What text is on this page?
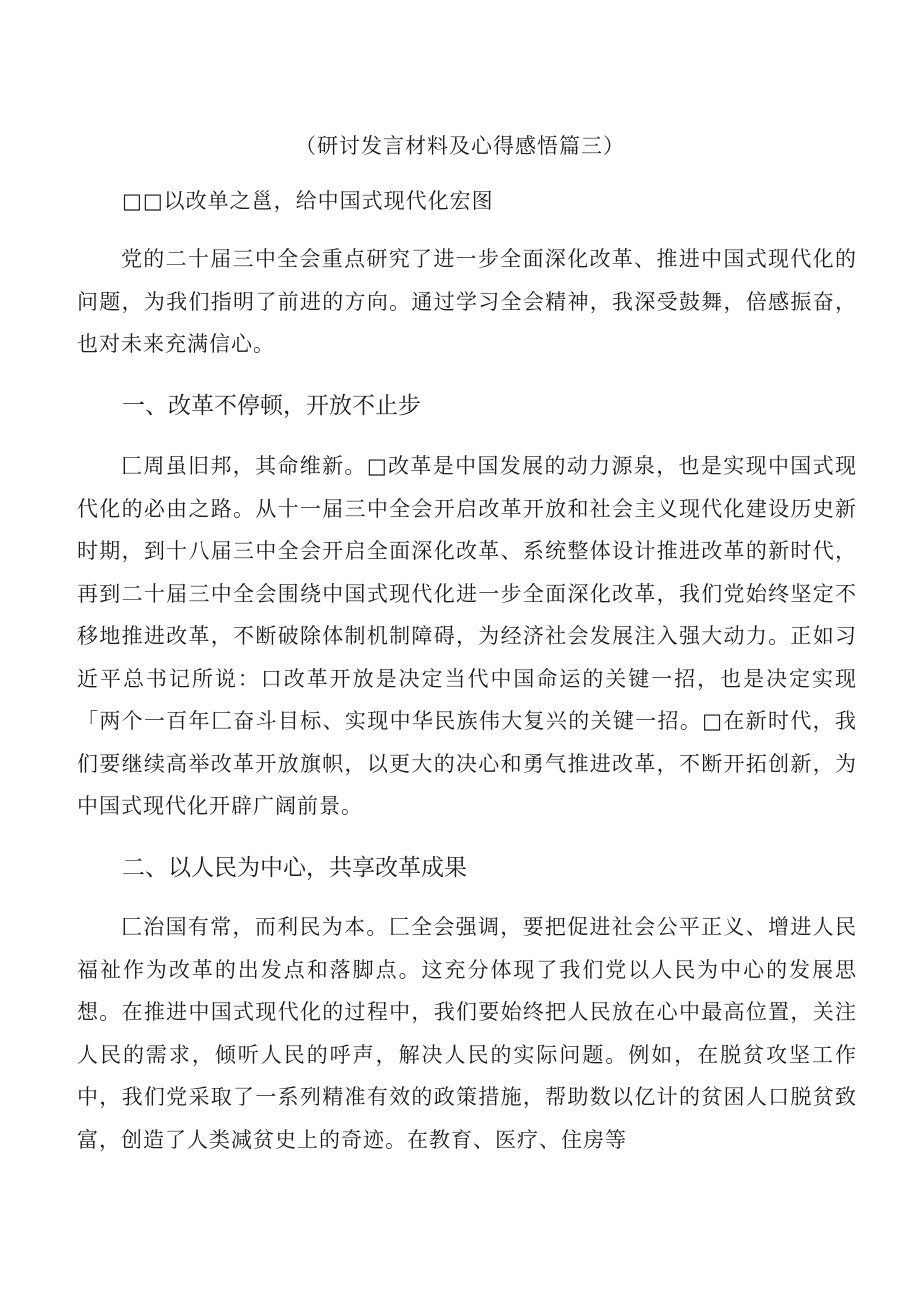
（研讨发言材料及心得感悟篇三）
□□以改单之邕，给中国式现代化宏图

党的二十届三中全会重点研究了进一步全面深化改革、推进中国式现代化的问题，为我们指明了前进的方向。通过学习全会精神，我深受鼓舞，倍感振奋，也对未来充满信心。

一、改革不停顿，开放不止步

匚周虽旧邦，其命维新。□改革是中国发展的动力源泉，也是实现中国式现代化的必由之路。从十一届三中全会开启改革开放和社会主义现代化建设历史新时期，到十八届三中全会开启全面深化改革、系统整体设计推进改革的新时代，再到二十届三中全会围绕中国式现代化进一步全面深化改革，我们党始终坚定不移地推进改革，不断破除体制机制障碍，为经济社会发展注入强大动力。正如习近平总书记所说：口改革开放是决定当代中国命运的关键一招，也是决定实现「两个一百年匚奋斗目标、实现中华民族伟大复兴的关键一招。□在新时代，我们要继续高举改革开放旗帜，以更大的决心和勇气推进改革，不断开拓创新，为中国式现代化开辟广阔前景。

二、以人民为中心，共享改革成果

匚治国有常，而利民为本。匚全会强调，要把促进社会公平正义、增进人民福祉作为改革的出发点和落脚点。这充分体现了我们党以人民为中心的发展思想。在推进中国式现代化的过程中，我们要始终把人民放在心中最高位置，关注人民的需求，倾听人民的呼声，解决人民的实际问题。例如，在脱贫攻坚工作中，我们党采取了一系列精准有效的政策措施，帮助数以亿计的贫困人口脱贫致富，创造了人类减贫史上的奇迹。在教育、医疗、住房等
